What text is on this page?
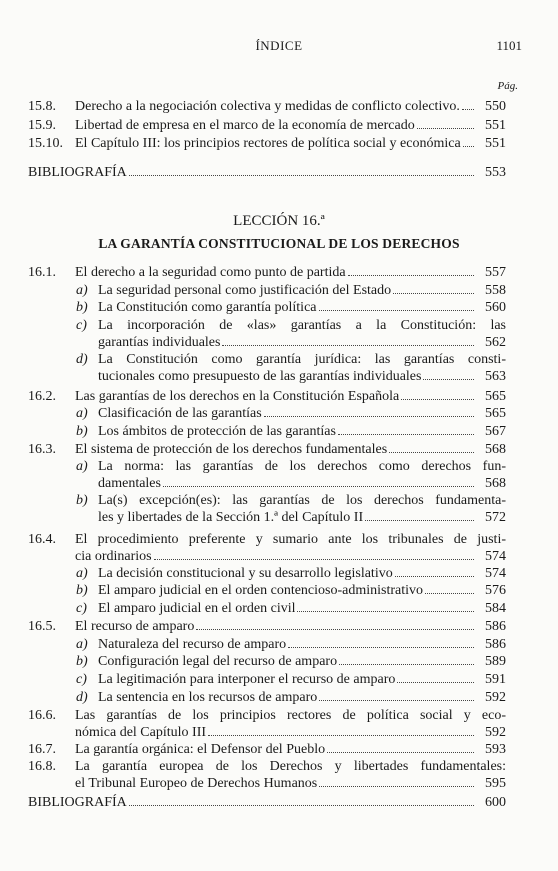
ÍNDICE	1101
Pág.
15.8.	Derecho a la negociación colectiva y medidas de conflicto colectivo.	550
15.9.	Libertad de empresa en el marco de la economía de mercado	551
15.10. El Capítulo III: los principios rectores de política social y económica	551
BIBLIOGRAFÍA	553
LECCIÓN 16.ª
LA GARANTÍA CONSTITUCIONAL DE LOS DERECHOS
16.1.	El derecho a la seguridad como punto de partida	557
a) La seguridad personal como justificación del Estado	558
b) La Constitución como garantía política	560
c) La incorporación de «las» garantías a la Constitución: las
garantías individuales	562
d) La Constitución como garantía jurídica: las garantías consti-
tucionales como presupuesto de las garantías individuales	563
16.2.	Las garantías de los derechos en la Constitución Española	565
a) Clasificación de las garantías	565
b) Los ámbitos de protección de las garantías	567
16.3.	El sistema de protección de los derechos fundamentales	568
a) La norma: las garantías de los derechos como derechos fun-
damentales	568
b) La(s) excepción(es): las garantías de los derechos fundamenta-
les y libertades de la Sección 1.ª del Capítulo II	572
16.4.	El procedimiento preferente y sumario ante los tribunales de justi-
cia ordinarios	574
a) La decisión constitucional y su desarrollo legislativo	574
b) El amparo judicial en el orden contencioso-administrativo	576
c) El amparo judicial en el orden civil	584
16.5.	El recurso de amparo	586
a) Naturaleza del recurso de amparo	586
b) Configuración legal del recurso de amparo	589
c) La legitimación para interponer el recurso de amparo	591
d) La sentencia en los recursos de amparo	592
16.6.	Las garantías de los principios rectores de política social y eco-
nómica del Capítulo III	592
16.7.	La garantía orgánica: el Defensor del Pueblo	593
16.8.	La garantía europea de los Derechos y libertades fundamentales:
el Tribunal Europeo de Derechos Humanos	595
BIBLIOGRAFÍA	600
